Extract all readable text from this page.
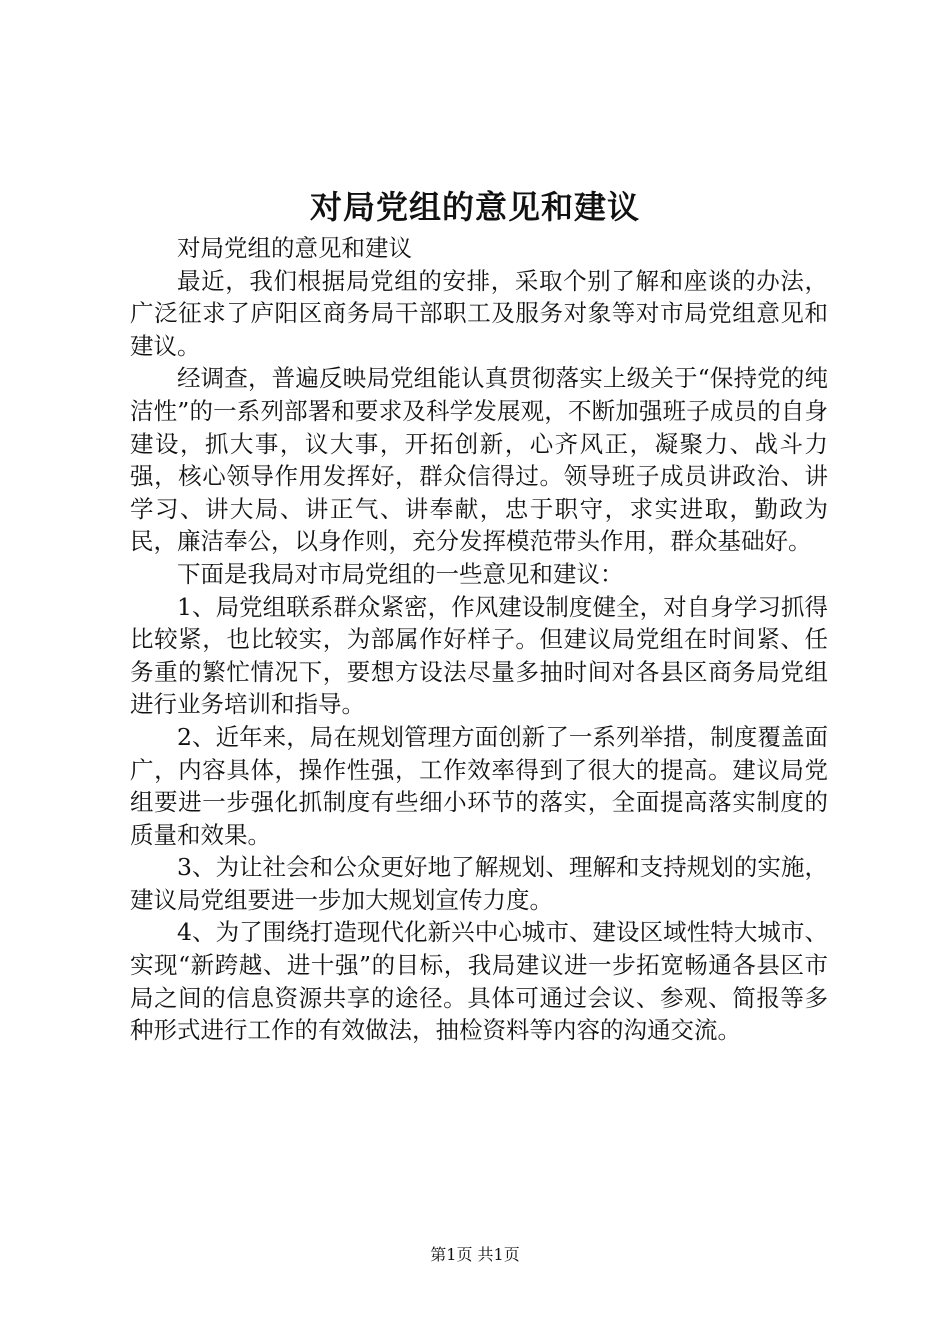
对局党组的意见和建议

对局党组的意见和建议

最近，我们根据局党组的安排，采取个别了解和座谈的办法，广泛征求了庐阳区商务局干部职工及服务对象等对市局党组意见和建议。

经调查，普遍反映局党组能认真贯彻落实上级关于“保持党的纯洁性”的一系列部署和要求及科学发展观，不断加强班子成员的自身建设，抓大事，议大事，开拓创新，心齐风正，凝聚力、战斗力强，核心领导作用发挥好，群众信得过。领导班子成员讲政治、讲学习、讲大局、讲正气、讲奉献，忠于职守，求实进取，勤政为民，廉洁奉公，以身作则，充分发挥模范带头作用，群众基础好。

下面是我局对市局党组的一些意见和建议：

1、局党组联系群众紧密，作风建设制度健全，对自身学习抓得比较紧，也比较实，为部属作好样子。但建议局党组在时间紧、任务重的繁忙情况下，要想方设法尽量多抽时间对各县区商务局党组进行业务培训和指导。

2、近年来，局在规划管理方面创新了一系列举措，制度覆盖面广，内容具体，操作性强，工作效率得到了很大的提高。建议局党组要进一步强化抓制度有些细小环节的落实，全面提高落实制度的质量和效果。

3、为让社会和公众更好地了解规划、理解和支持规划的实施，建议局党组要进一步加大规划宣传力度。

4、为了围绕打造现代化新兴中心城市、建设区域性特大城市、实现“新跨越、进十强”的目标，我局建议进一步拓宽畅通各县区市局之间的信息资源共享的途径。具体可通过会议、参观、简报等多种形式进行工作的有效做法，抽检资料等内容的沟通交流。

第1页 共1页
